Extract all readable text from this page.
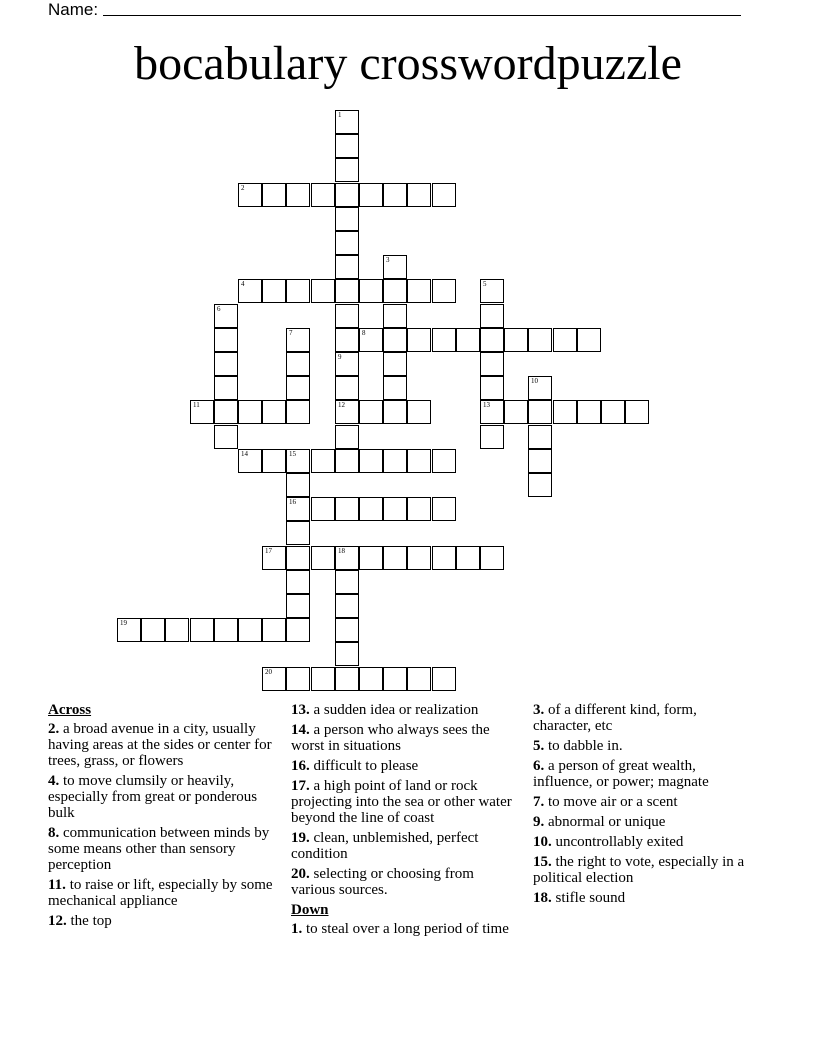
Name:
bocabulary crosswordpuzzle
1
2
3
4	5
13
6
7	8
9
12
10
11
14	15
16
17	18
19
20
Across
2. a broad avenue in a city, usually having areas at the sides or center for trees, grass, or flowers
4. to move clumsily or heavily, especially from great or ponderous bulk
8. communication between minds by some means other than sensory perception
11. to raise or lift, especially by some mechanical appliance
12. the top
13. a sudden idea or realization
14. a person who always sees the worst in situations
16. difficult to please
17. a high point of land or rock projecting into the sea or other water beyond the line of coast
19. clean, unblemished, perfect condition
20. selecting or choosing from various sources.
Down
1. to steal over a long period of time
3. of a different kind, form, character, etc
5. to dabble in.
6. a person of great wealth, influence, or power; magnate
7. to move air or a scent
9. abnormal or unique
10. uncontrollably exited
15. the right to vote, especially in a political election
18. stifle sound
